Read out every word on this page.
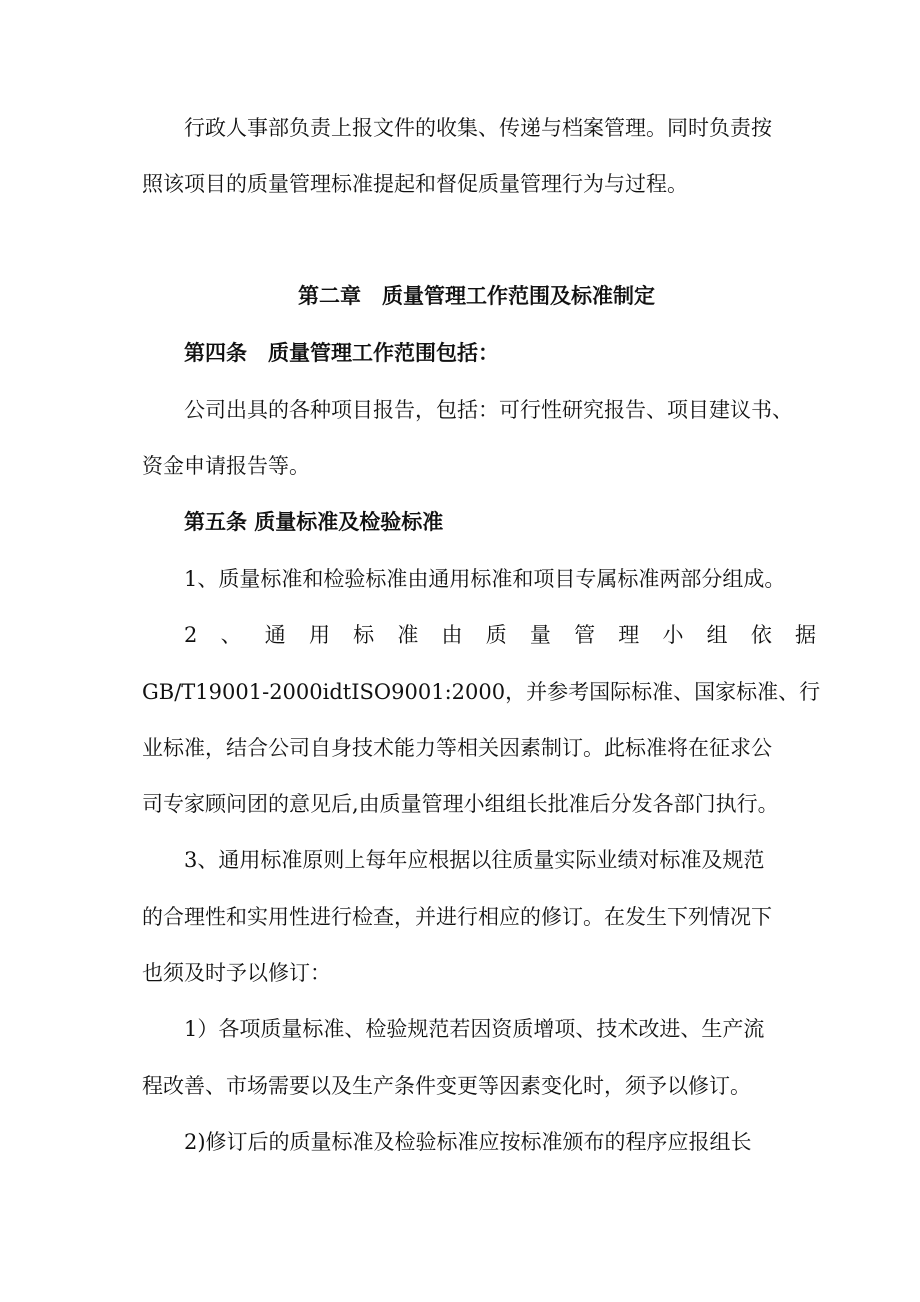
行政人事部负责上报文件的收集、传递与档案管理。同时负责按

照该项目的质量管理标准提起和督促质量管理行为与过程。

第二章　质量管理工作范围及标准制定

第四条　质量管理工作范围包括：

公司出具的各种项目报告，包括：可行性研究报告、项目建议书、

资金申请报告等。

第五条 质量标准及检验标准

1、质量标准和检验标准由通用标准和项目专属标准两部分组成。

2 、 通 用 标 准 由 质 量 管 理 小 组 依 据

GB/T19001-2000idtISO9001:2000，并参考国际标准、国家标准、行

业标准，结合公司自身技术能力等相关因素制订。此标准将在征求公

司专家顾问团的意见后,由质量管理小组组长批准后分发各部门执行。

3、通用标准原则上每年应根据以往质量实际业绩对标准及规范

的合理性和实用性进行检查，并进行相应的修订。在发生下列情况下

也须及时予以修订：

1）各项质量标准、检验规范若因资质增项、技术改进、生产流

程改善、市场需要以及生产条件变更等因素变化时，须予以修订。

2)修订后的质量标准及检验标准应按标准颁布的程序应报组长
